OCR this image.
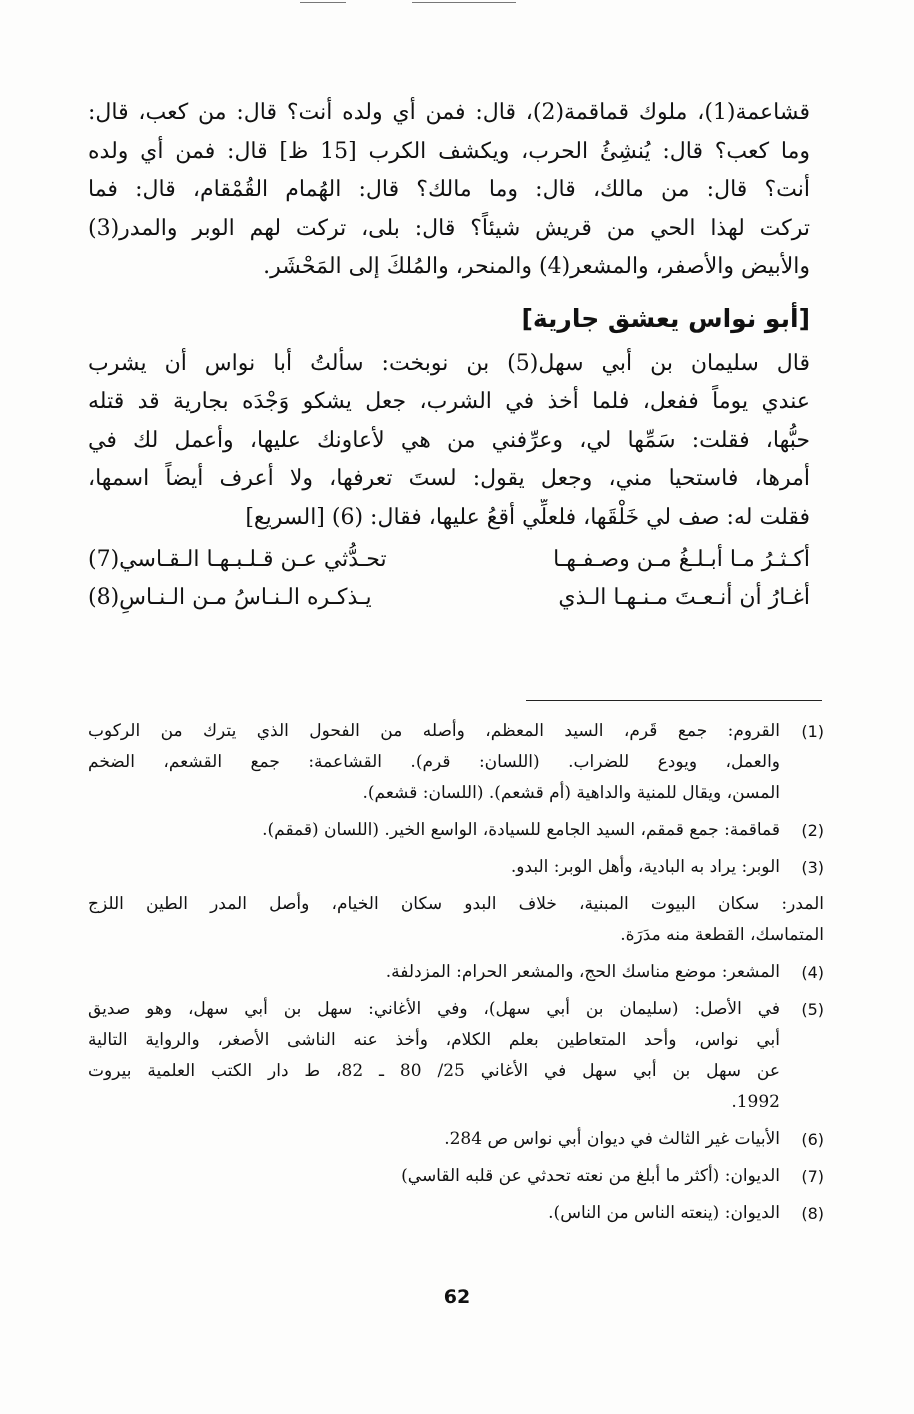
قشاعمة(1)، ملوك قماقمة(2)، قال: فمن أي ولده أنت؟ قال: من كعب، قال:
وما كعب؟ قال: يُنشِئُ الحرب، ويكشف الكرب [15 ظ] قال: فمن أي ولده
أنت؟ قال: من مالك، قال: وما مالك؟ قال: الهُمام القُمْقام، قال: فما
تركت لهذا الحي من قريش شيئاً؟ قال: بلى، تركت لهم الوبر والمدر(3)
والأبيض والأصفر، والمشعر(4) والمنحر، والمُلكَ إلى المَحْشَر.
[أبو نواس يعشق جارية]
قال سليمان بن أبي سهل(5) بن نوبخت: سألتُ أبا نواس أن يشرب
عندي يوماً ففعل، فلما أخذ في الشرب، جعل يشكو وَجْدَه بجارية قد قتله
حبُّها، فقلت: سَمِّها لي، وعرِّفني من هي لأعاونك عليها، وأعمل لك في
أمرها، فاستحيا مني، وجعل يقول: لستَ تعرفها، ولا أعرف أيضاً اسمها،
فقلت له: صف لي خَلْقَها، فلعلِّي أقعُ عليها، فقال: (6) [السريع]
أكـثـرُ مـا أبـلـغُ مـن وصـفـهـا
تحـدُّثي عـن قـلـبـهـا الـقـاسي(7)
أغـارُ أن أنـعـتَ مـنـهـا الـذي
يـذكـره الـنـاسُ مـن الـنـاسِ(8)
(1)
القروم: جمع قَرم، السيد المعظم، وأصله من الفحول الذي يترك من الركوب
والعمل، ويودع للضراب. (اللسان: قرم). القشاعمة: جمع القشعم، الضخم
المسن، ويقال للمنية والداهية (أم قشعم). (اللسان: قشعم).
(2)
قماقمة: جمع قمقم، السيد الجامع للسيادة، الواسع الخير. (اللسان (قمقم).
(3)
الوبر: يراد به البادية، وأهل الوبر: البدو.
المدر: سكان البيوت المبنية، خلاف البدو سكان الخيام، وأصل المدر الطين اللزج
المتماسك، القطعة منه مدَرَة.
(4)
المشعر: موضع مناسك الحج، والمشعر الحرام: المزدلفة.
(5)
في الأصل: (سليمان بن أبي سهل)، وفي الأغاني: سهل بن أبي سهل، وهو صديق
أبي نواس، وأحد المتعاطين بعلم الكلام، وأخذ عنه الناشى الأصغر، والرواية التالية
عن سهل بن أبي سهل في الأغاني 25/ 80 ـ 82، ط دار الكتب العلمية بيروت
1992.
(6)
الأبيات غير الثالث في ديوان أبي نواس ص 284.
(7)
الديوان: (أكثر ما أبلغ من نعته تحدثي عن قلبه القاسي)
(8)
الديوان: (ينعته الناس من الناس).
62
